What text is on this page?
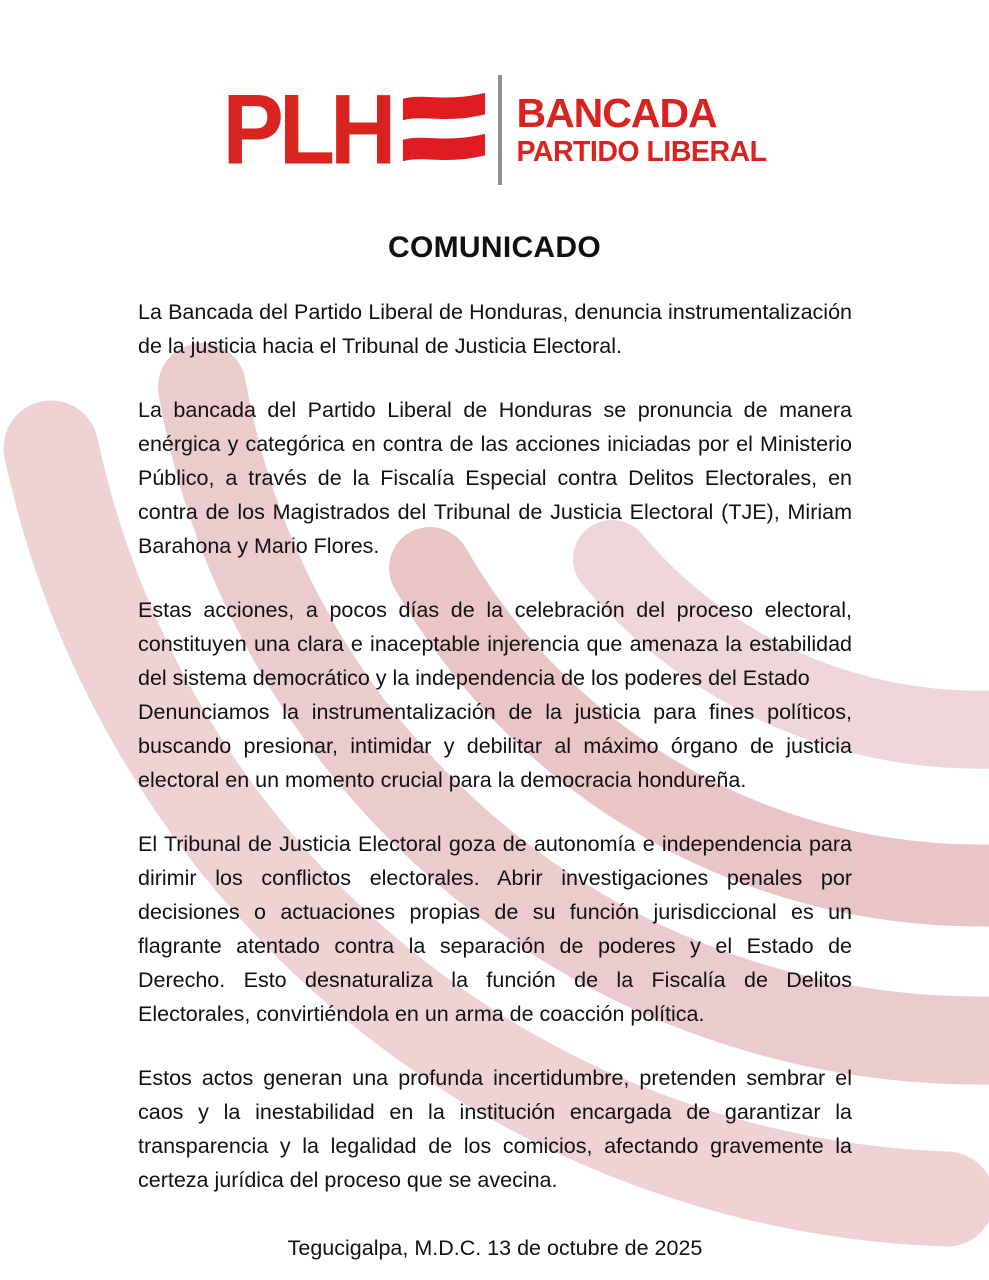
PLH	BANCADA
PARTIDO LIBERAL
COMUNICADO

La Bancada del Partido Liberal de Honduras, denuncia instrumentalización de la justicia hacia el Tribunal de Justicia Electoral.

La bancada del Partido Liberal de Honduras se pronuncia de manera enérgica y categórica en contra de las acciones iniciadas por el Ministerio Público, a través de la Fiscalía Especial contra Delitos Electorales, en contra de los Magistrados del Tribunal de Justicia Electoral (TJE), Miriam Barahona y Mario Flores.

Estas acciones, a pocos días de la celebración del proceso electoral, constituyen una clara e inaceptable injerencia que amenaza la estabilidad del sistema democrático y la independencia de los poderes del Estado

Denunciamos la instrumentalización de la justicia para fines políticos, buscando presionar, intimidar y debilitar al máximo órgano de justicia electoral en un momento crucial para la democracia hondureña.

El Tribunal de Justicia Electoral goza de autonomía e independencia para dirimir los conflictos electorales. Abrir investigaciones penales por decisiones o actuaciones propias de su función jurisdiccional es un flagrante atentado contra la separación de poderes y el Estado de Derecho. Esto desnaturaliza la función de la Fiscalía de Delitos Electorales, convirtiéndola en un arma de coacción política.

Estos actos generan una profunda incertidumbre, pretenden sembrar el caos y la inestabilidad en la institución encargada de garantizar la transparencia y la legalidad de los comicios, afectando gravemente la certeza jurídica del proceso que se avecina.

Tegucigalpa, M.D.C. 13 de octubre de 2025
